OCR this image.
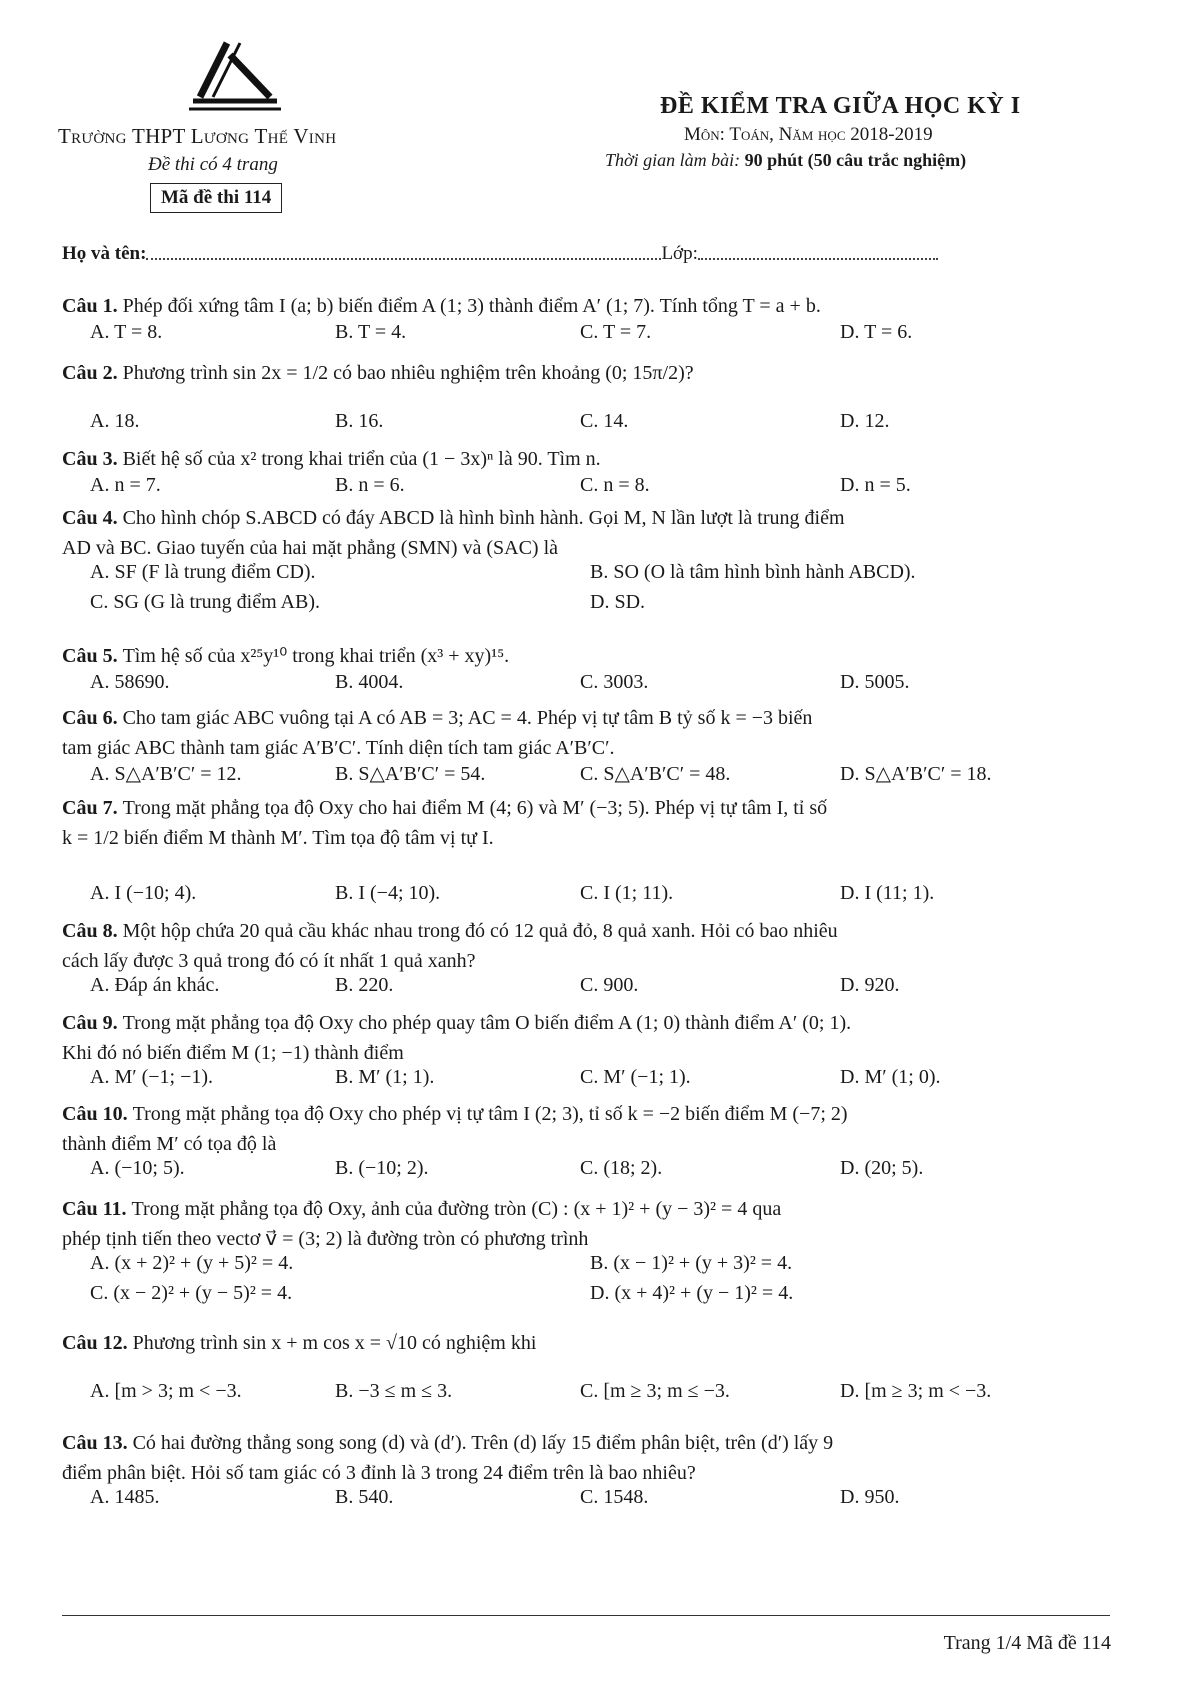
Trường THPT Lương Thế Vinh
Đề thi có 4 trang
Mã đề thi 114
ĐỀ KIỂM TRA GIỮA HỌC KỲ I
Môn: Toán, Năm học 2018-2019
Thời gian làm bài: 90 phút (50 câu trắc nghiệm)
Họ và tên:	Lớp:
Câu 1. Phép đối xứng tâm I (a; b) biến điểm A (1; 3) thành điểm A′ (1; 7). Tính tổng T = a + b.
A. T = 8.	B. T = 4.	C. T = 7.	D. T = 6.
Câu 2. Phương trình sin 2x = 1/2 có bao nhiêu nghiệm trên khoảng (0; 15π/2)?
A. 18.	B. 16.	C. 14.	D. 12.
Câu 3. Biết hệ số của x² trong khai triển của (1 − 3x)ⁿ là 90. Tìm n.
A. n = 7.	B. n = 6.	C. n = 8.	D. n = 5.
Câu 4. Cho hình chóp S.ABCD có đáy ABCD là hình bình hành. Gọi M, N lần lượt là trung điểm
AD và BC. Giao tuyến của hai mặt phẳng (SMN) và (SAC) là
A. SF (F là trung điểm CD).	B. SO (O là tâm hình bình hành ABCD).
C. SG (G là trung điểm AB).	D. SD.
Câu 5. Tìm hệ số của x²⁵y¹⁰ trong khai triển (x³ + xy)¹⁵.
A. 58690.	B. 4004.	C. 3003.	D. 5005.
Câu 6. Cho tam giác ABC vuông tại A có AB = 3; AC = 4. Phép vị tự tâm B tỷ số k = −3 biến
tam giác ABC thành tam giác A′B′C′. Tính diện tích tam giác A′B′C′.
A. S△A′B′C′ = 12.	B. S△A′B′C′ = 54.	C. S△A′B′C′ = 48.	D. S△A′B′C′ = 18.
Câu 7. Trong mặt phẳng tọa độ Oxy cho hai điểm M (4; 6) và M′ (−3; 5). Phép vị tự tâm I, tỉ số
k = 1/2 biến điểm M thành M′. Tìm tọa độ tâm vị tự I.
A. I (−10; 4).	B. I (−4; 10).	C. I (1; 11).	D. I (11; 1).
Câu 8. Một hộp chứa 20 quả cầu khác nhau trong đó có 12 quả đỏ, 8 quả xanh. Hỏi có bao nhiêu
cách lấy được 3 quả trong đó có ít nhất 1 quả xanh?
A. Đáp án khác.	B. 220.	C. 900.	D. 920.
Câu 9. Trong mặt phẳng tọa độ Oxy cho phép quay tâm O biến điểm A (1; 0) thành điểm A′ (0; 1).
Khi đó nó biến điểm M (1; −1) thành điểm
A. M′ (−1; −1).	B. M′ (1; 1).	C. M′ (−1; 1).	D. M′ (1; 0).
Câu 10. Trong mặt phẳng tọa độ Oxy cho phép vị tự tâm I (2; 3), tỉ số k = −2 biến điểm M (−7; 2)
thành điểm M′ có tọa độ là
A. (−10; 5).	B. (−10; 2).	C. (18; 2).	D. (20; 5).
Câu 11. Trong mặt phẳng tọa độ Oxy, ảnh của đường tròn (C) : (x + 1)² + (y − 3)² = 4 qua
phép tịnh tiến theo vectơ v⃗ = (3; 2) là đường tròn có phương trình
A. (x + 2)² + (y + 5)² = 4.	B. (x − 1)² + (y + 3)² = 4.
C. (x − 2)² + (y − 5)² = 4.	D. (x + 4)² + (y − 1)² = 4.
Câu 12. Phương trình sin x + m cos x = √10 có nghiệm khi
A. [m > 3; m < −3.	B. −3 ≤ m ≤ 3.	C. [m ≥ 3; m ≤ −3.	D. [m ≥ 3; m < −3.
Câu 13. Có hai đường thẳng song song (d) và (d′). Trên (d) lấy 15 điểm phân biệt, trên (d′) lấy 9
điểm phân biệt. Hỏi số tam giác có 3 đỉnh là 3 trong 24 điểm trên là bao nhiêu?
A. 1485.	B. 540.	C. 1548.	D. 950.
Trang 1/4 Mã đề 114
